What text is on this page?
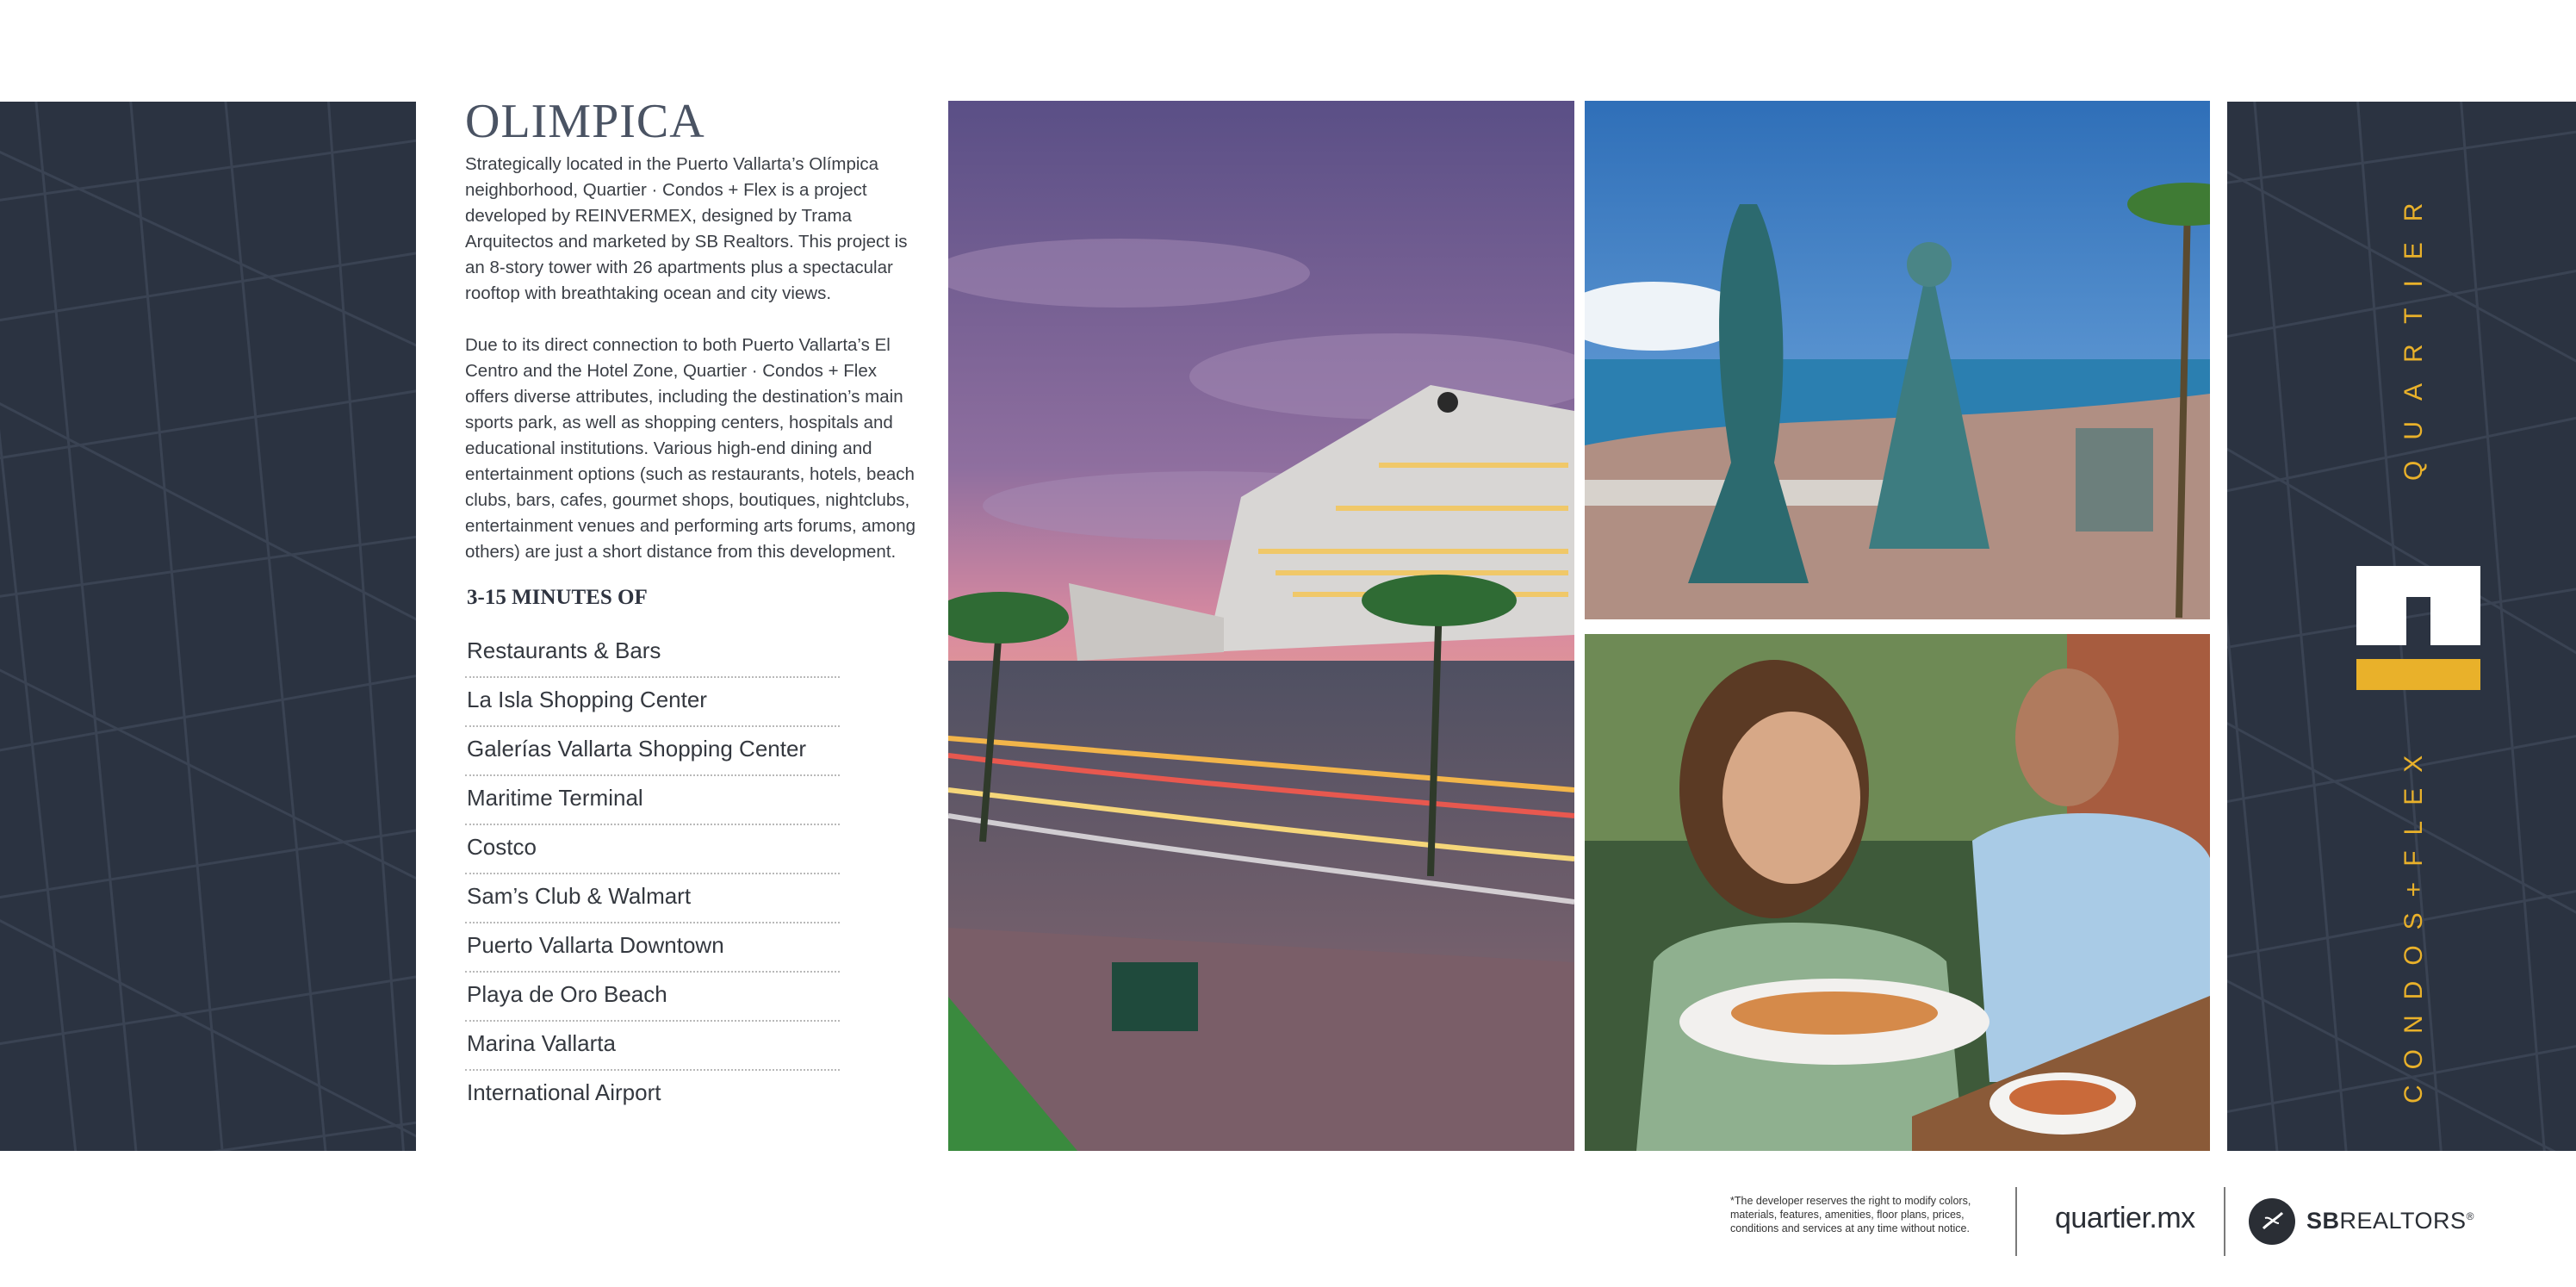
OLIMPICA

Strategically located in the Puerto Vallarta’s Olímpica neighborhood, Quartier · Condos + Flex is a project developed by REINVERMEX, designed by Trama Arquitectos and marketed by SB Realtors. This project is an 8-story tower with 26 apartments plus a spectacular rooftop with breathtaking ocean and city views.

Due to its direct connection to both Puerto Vallarta’s El Centro and the Hotel Zone, Quartier · Condos + Flex offers diverse attributes, including the destination’s main sports park, as well as shopping centers, hospitals and educational institutions. Various high-end dining and entertainment options (such as restaurants, hotels, beach clubs, bars, cafes, gourmet shops, boutiques, nightclubs, entertainment venues and performing arts forums, among others) are just a short distance from this development.

3-15 MINUTES OF
Restaurants & Bars
La Isla Shopping Center
Galerías Vallarta Shopping Center
Maritime Terminal
Costco
Sam’s Club & Walmart
Puerto Vallarta Downtown
Playa de Oro Beach
Marina Vallarta
International Airport
QUARTIER
CONDOS+FLEX
*The developer reserves the right to modify colors, materials, features, amenities, floor plans, prices, conditions and services at any time without notice.	quartier.mx	SBREALTORS®
